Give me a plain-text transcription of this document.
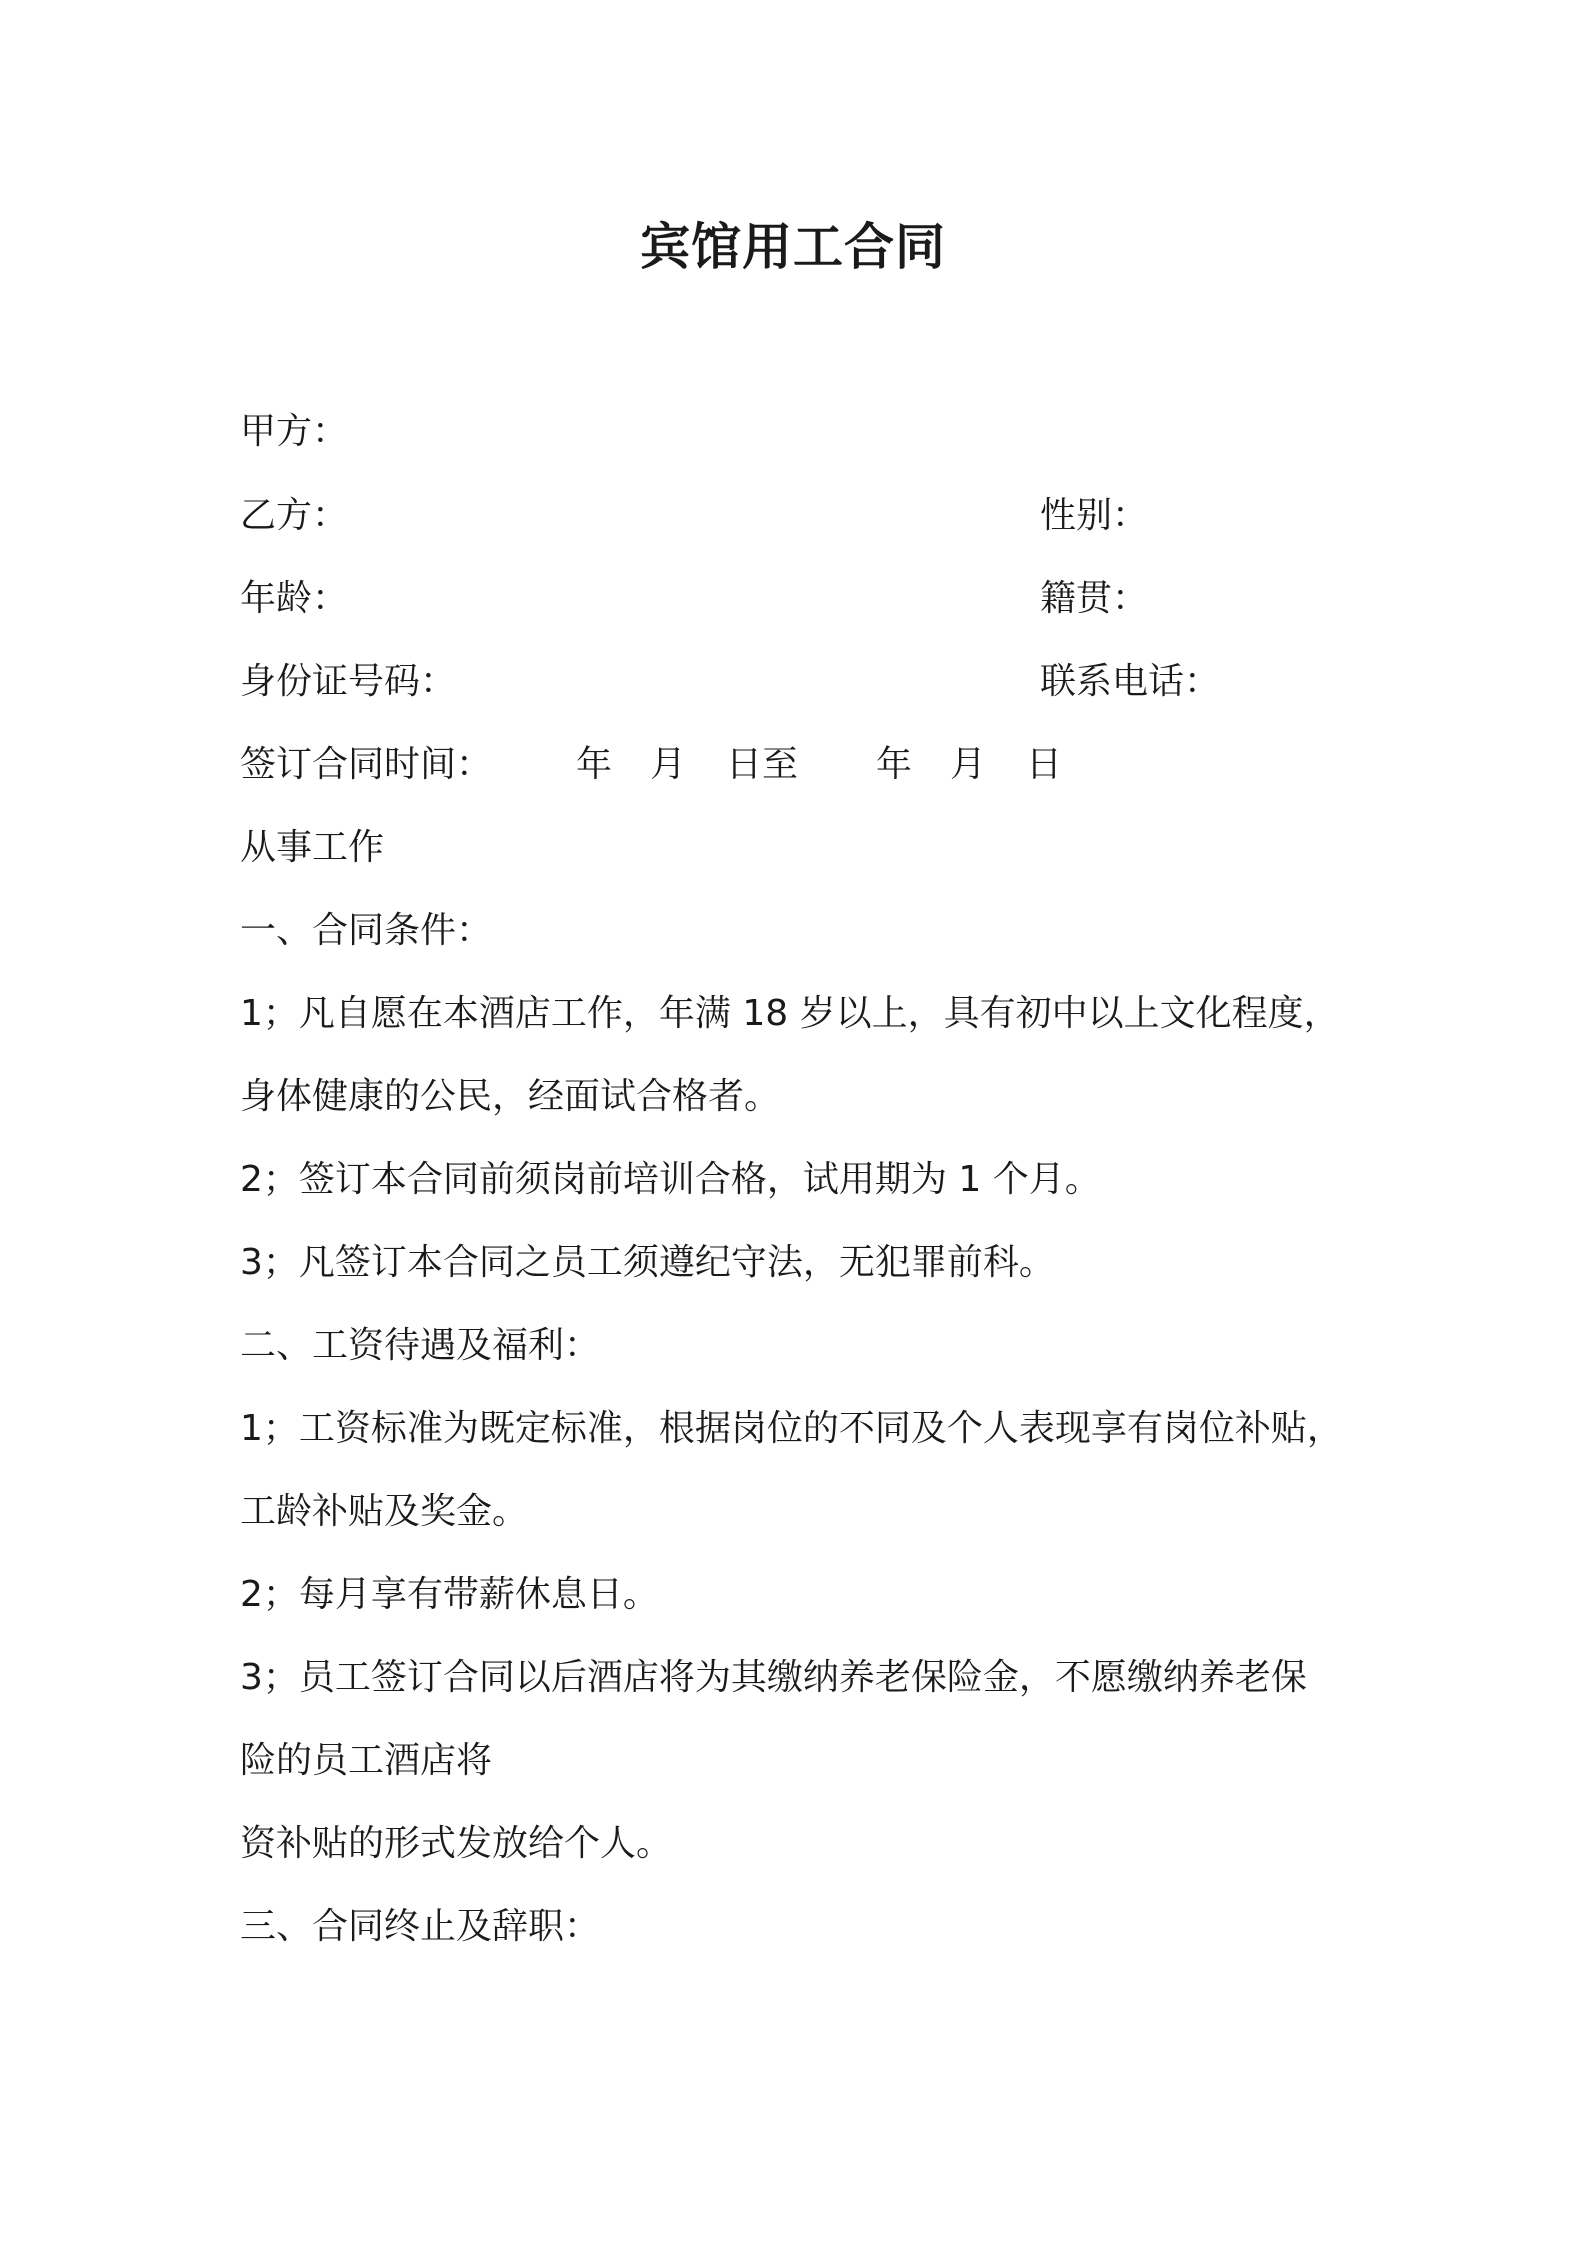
宾馆用工合同
甲方：
乙方：	性别：
年龄：	籍贯：
身份证号码：	联系电话：
签订合同时间： 年 月 日至 年 月 日
从事工作
一、合同条件：
1；凡自愿在本酒店工作，年满 18 岁以上，具有初中以上文化程度，
身体健康的公民，经面试合格者。
2；签订本合同前须岗前培训合格，试用期为 1 个月。
3；凡签订本合同之员工须遵纪守法，无犯罪前科。
二、工资待遇及福利：
1；工资标准为既定标准，根据岗位的不同及个人表现享有岗位补贴，
工龄补贴及奖金。
2；每月享有带薪休息日。
3；员工签订合同以后酒店将为其缴纳养老保险金，不愿缴纳养老保
险的员工酒店将
资补贴的形式发放给个人。
三、合同终止及辞职：
